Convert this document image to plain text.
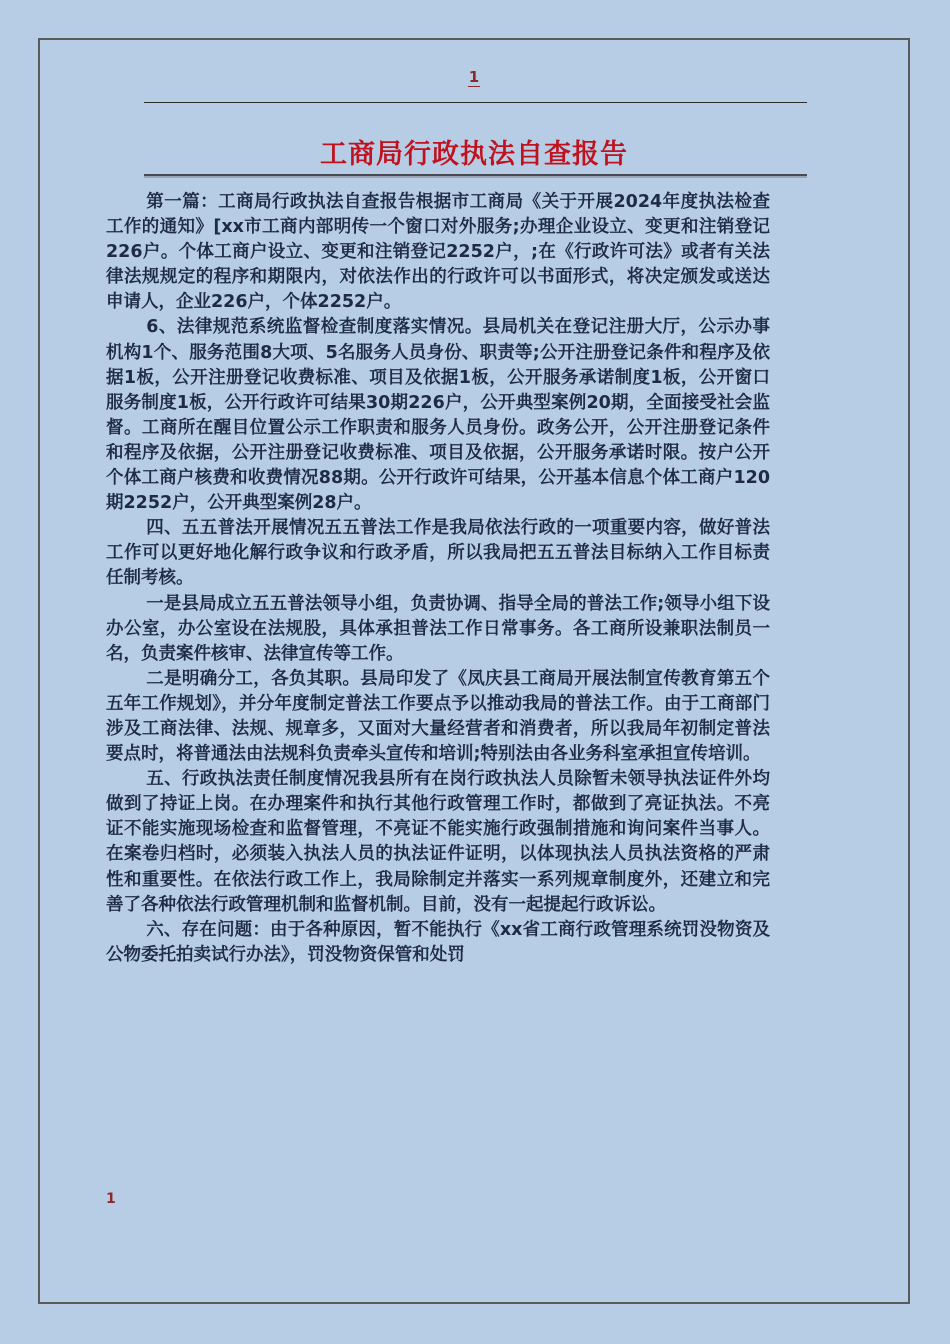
1
工商局行政执法自查报告

第一篇：工商局行政执法自查报告根据市工商局《关于开展2024年度执法检查工作的通知》[xx市工商内部明传一个窗口对外服务;办理企业设立、变更和注销登记226户。个体工商户设立、变更和注销登记2252户，;在《行政许可法》或者有关法律法规规定的程序和期限内，对依法作出的行政许可以书面形式，将决定颁发或送达申请人，企业226户，个体2252户。

6、法律规范系统监督检查制度落实情况。县局机关在登记注册大厅，公示办事机构1个、服务范围8大项、5名服务人员身份、职责等;公开注册登记条件和程序及依据1板，公开注册登记收费标准、项目及依据1板，公开服务承诺制度1板，公开窗口服务制度1板，公开行政许可结果30期226户，公开典型案例20期，全面接受社会监督。工商所在醒目位置公示工作职责和服务人员身份。政务公开，公开注册登记条件和程序及依据，公开注册登记收费标准、项目及依据，公开服务承诺时限。按户公开个体工商户核费和收费情况88期。公开行政许可结果，公开基本信息个体工商户120期2252户，公开典型案例28户。

四、五五普法开展情况五五普法工作是我局依法行政的一项重要内容，做好普法工作可以更好地化解行政争议和行政矛盾，所以我局把五五普法目标纳入工作目标责任制考核。

一是县局成立五五普法领导小组，负责协调、指导全局的普法工作;领导小组下设办公室，办公室设在法规股，具体承担普法工作日常事务。各工商所设兼职法制员一名，负责案件核审、法律宣传等工作。

二是明确分工，各负其职。县局印发了《凤庆县工商局开展法制宣传教育第五个五年工作规划》，并分年度制定普法工作要点予以推动我局的普法工作。由于工商部门涉及工商法律、法规、规章多，又面对大量经营者和消费者，所以我局年初制定普法要点时，将普通法由法规科负责牵头宣传和培训;特别法由各业务科室承担宣传培训。

五、行政执法责任制度情况我县所有在岗行政执法人员除暂未领导执法证件外均做到了持证上岗。在办理案件和执行其他行政管理工作时，都做到了亮证执法。不亮证不能实施现场检查和监督管理，不亮证不能实施行政强制措施和询问案件当事人。在案卷归档时，必须装入执法人员的执法证件证明，以体现执法人员执法资格的严肃性和重要性。在依法行政工作上，我局除制定并落实一系列规章制度外，还建立和完善了各种依法行政管理机制和监督机制。目前，没有一起提起行政诉讼。

六、存在问题：由于各种原因，暂不能执行《xx省工商行政管理系统罚没物资及公物委托拍卖试行办法》，罚没物资保管和处罚

1
